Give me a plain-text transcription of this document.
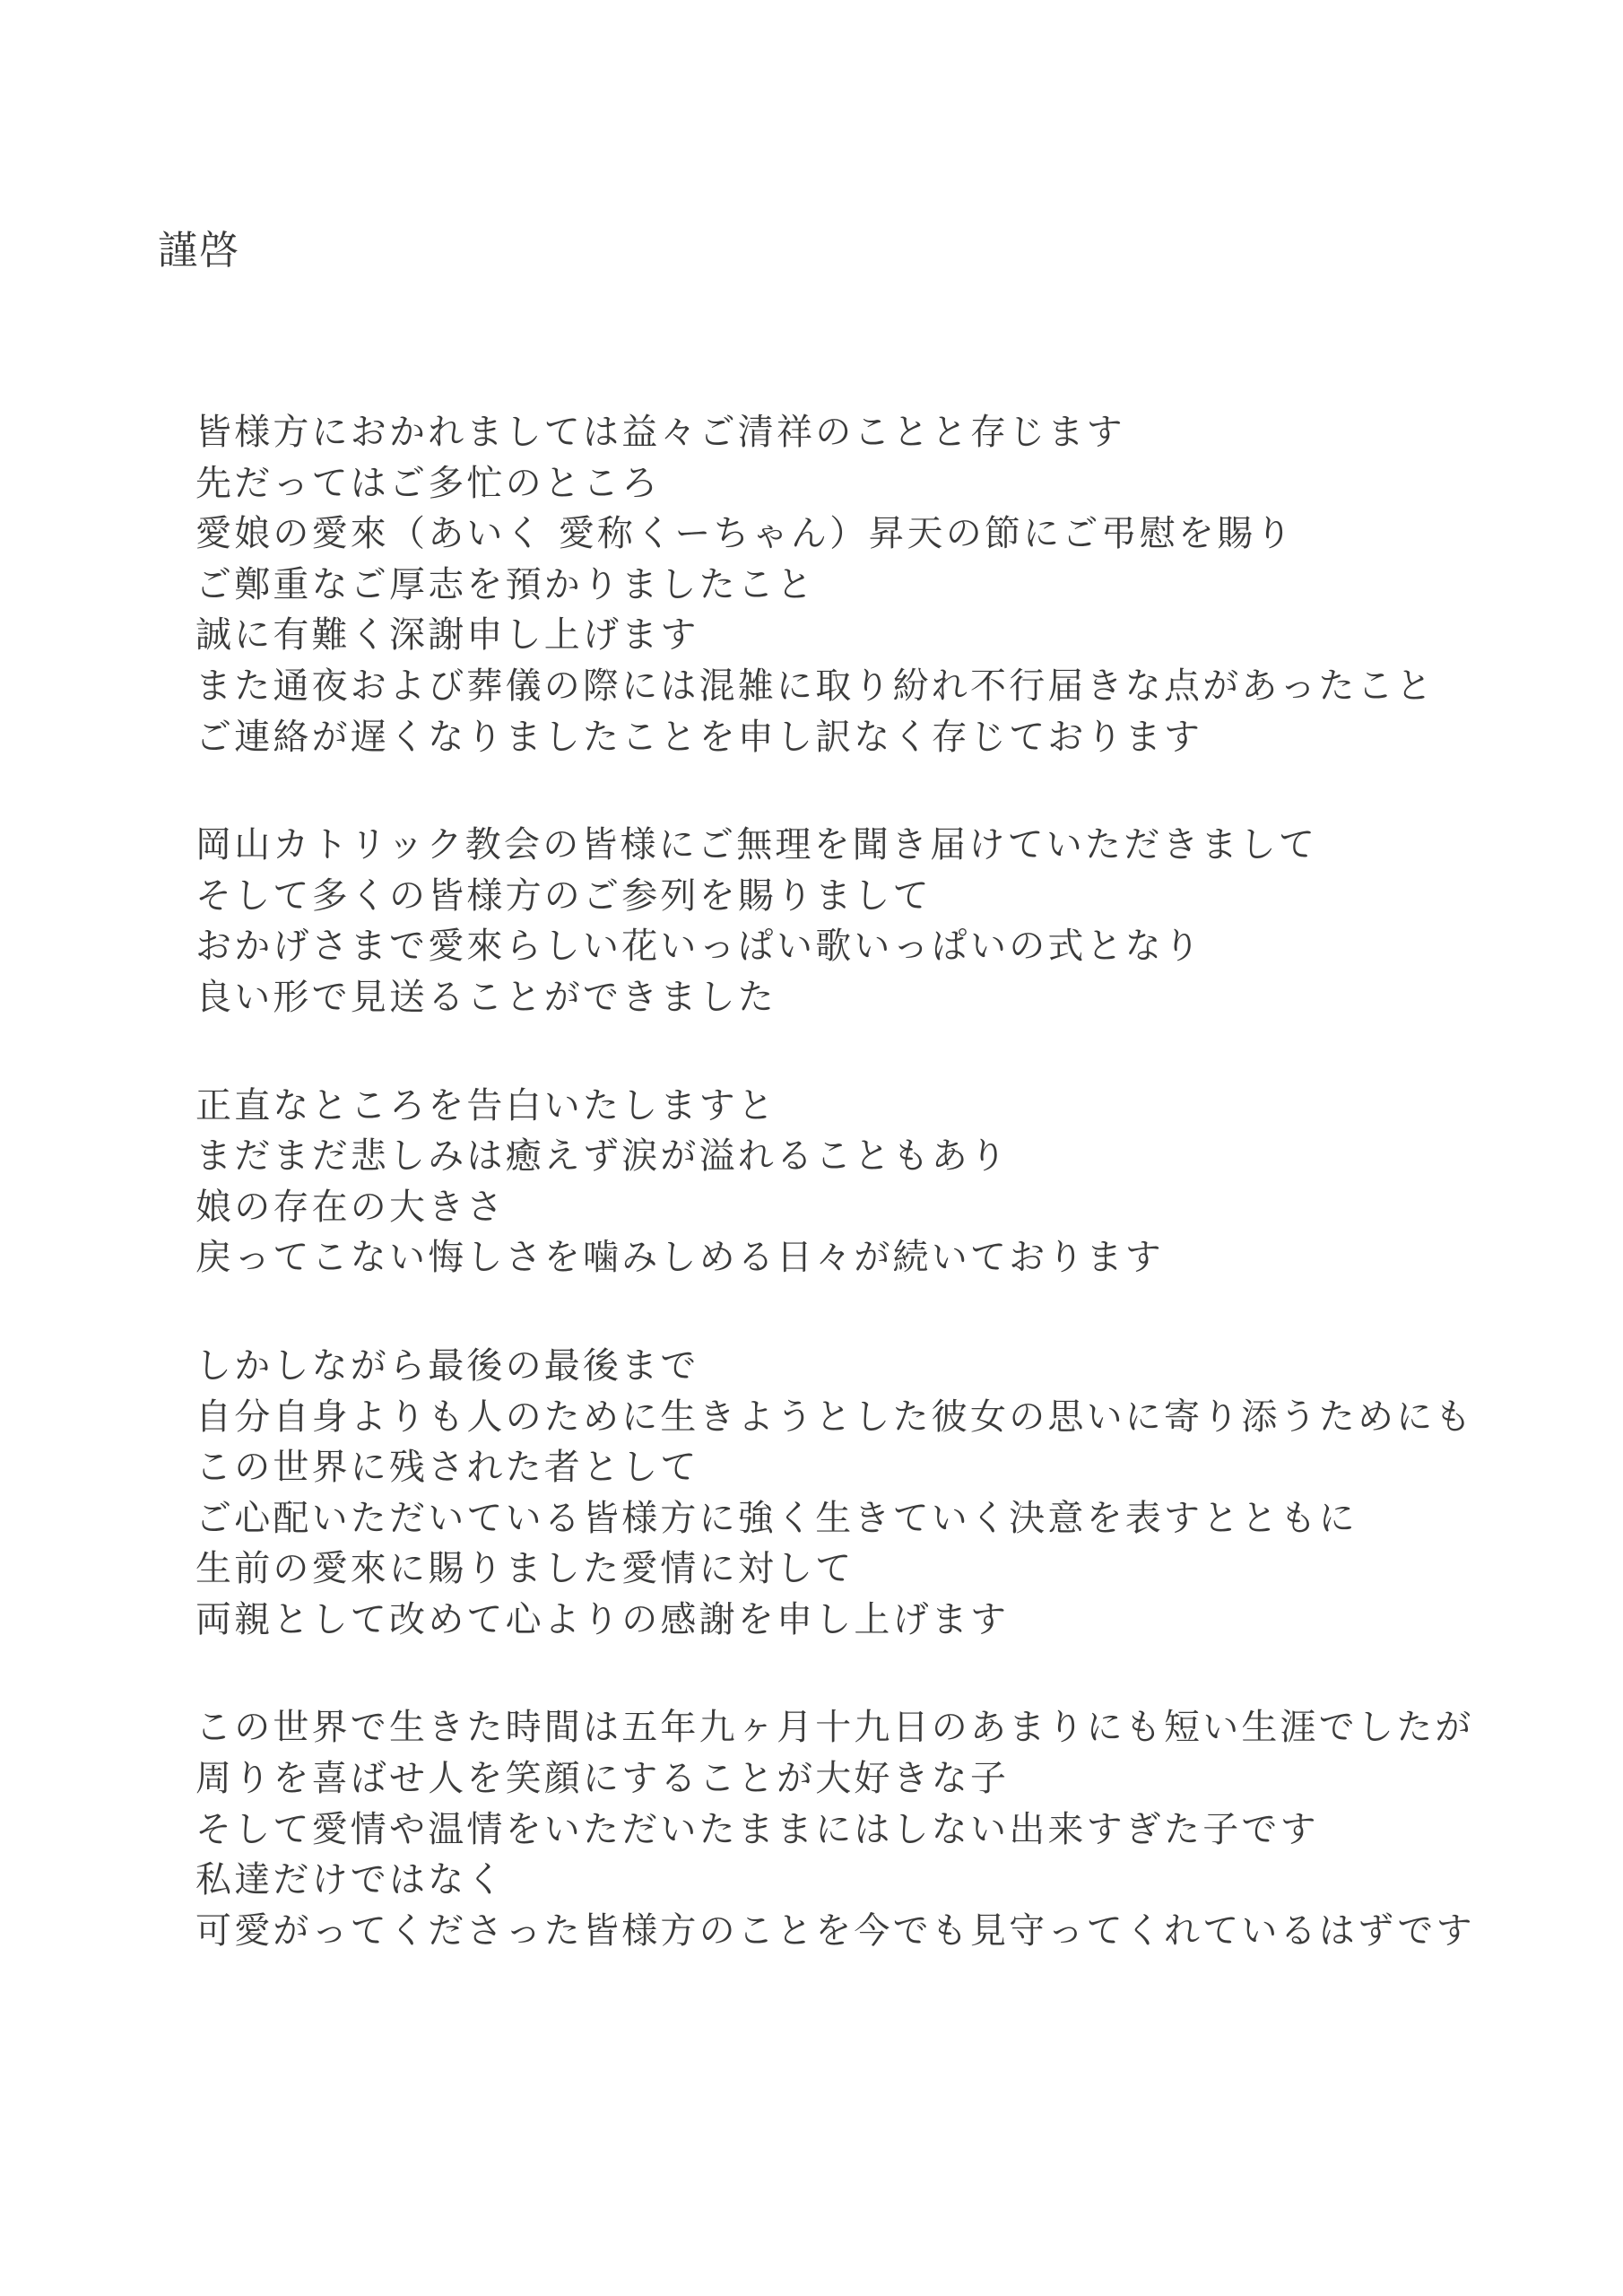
謹啓
皆様方におかれましては益々ご清祥のことと存じます
先だってはご多忙のところ
愛娘の愛來（あいく 愛称くーちゃん）昇天の節にご弔慰を賜り
ご鄭重なご厚志を預かりましたこと
誠に有難く深謝申し上げます
また通夜および葬儀の際には混雑に取り紛れ不行届きな点があったこと
ご連絡が遅くなりましたことを申し訳なく存じております
岡山カトリック教会の皆様にご無理を聞き届けていただきまして
そして多くの皆様方のご参列を賜りまして
おかげさまで愛來らしい花いっぱい歌いっぱいの式となり
良い形で見送ることができました
正直なところを告白いたしますと
まだまだ悲しみは癒えず涙が溢れることもあり
娘の存在の大きさ
戻ってこない悔しさを噛みしめる日々が続いております
しかしながら最後の最後まで
自分自身よりも人のために生きようとした彼女の思いに寄り添うためにも
この世界に残された者として
ご心配いただいている皆様方に強く生きていく決意を表すとともに
生前の愛來に賜りました愛情に対して
両親として改めて心よりの感謝を申し上げます
この世界で生きた時間は五年九ヶ月十九日のあまりにも短い生涯でしたが
周りを喜ばせ人を笑顔にすることが大好きな子
そして愛情や温情をいただいたままにはしない出来すぎた子です
私達だけではなく
可愛がってくださった皆様方のことを今でも見守ってくれているはずです
